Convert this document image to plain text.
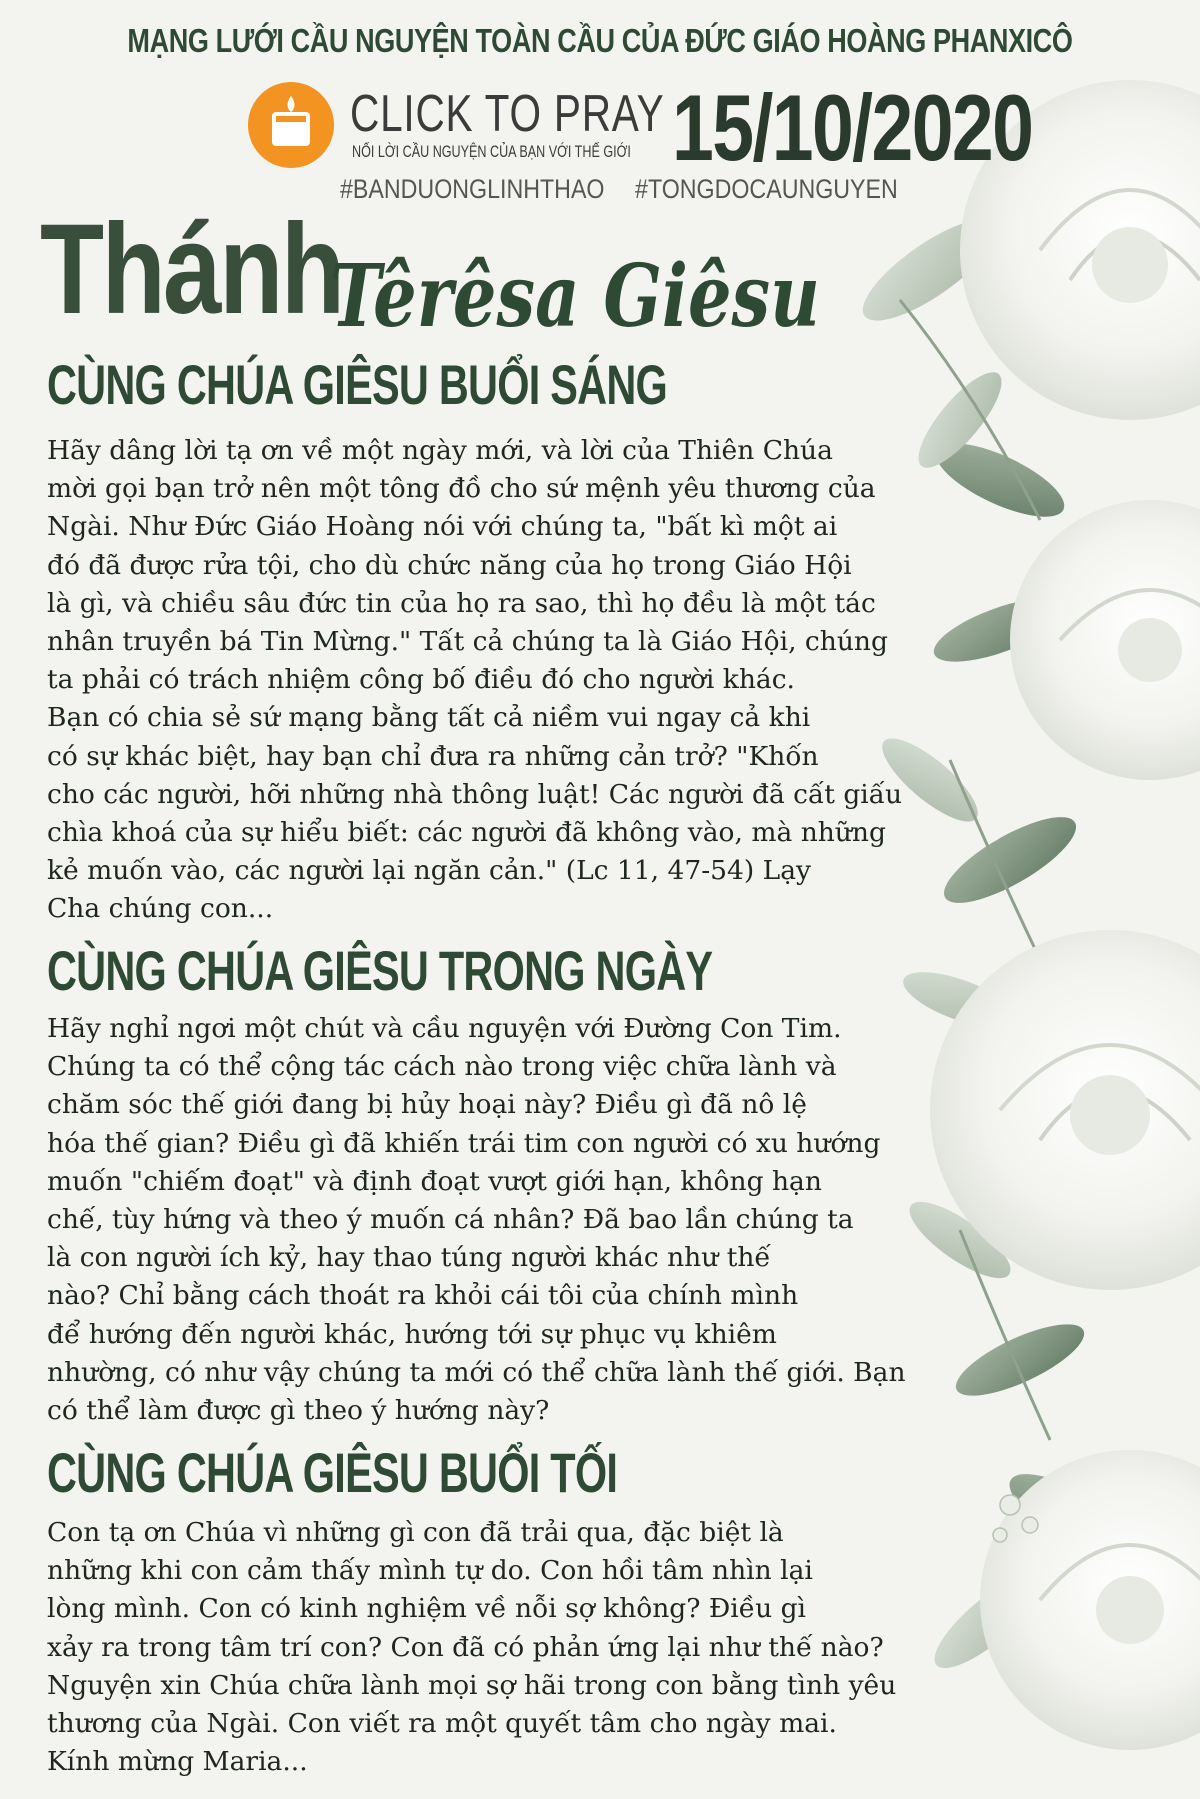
MẠNG LƯỚI CẦU NGUYỆN TOÀN CẦU CỦA ĐỨC GIÁO HOÀNG PHANXICÔ
CLICK TO PRAY
NỐI LỜI CẦU NGUYỆN CỦA BẠN VỚI THẾ GIỚI 15/10/2020
#BANDUONGLINHTHAO #TONGDOCAUNGUYEN
Thánh
Têrêsa Giêsu
CÙNG CHÚA GIÊSU BUỔI SÁNG

Hãy dâng lời tạ ơn về một ngày mới, và lời của Thiên Chúa
mời gọi bạn trở nên một tông đồ cho sứ mệnh yêu thương của
Ngài. Như Đức Giáo Hoàng nói với chúng ta, "bất kì một ai
đó đã được rửa tội, cho dù chức năng của họ trong Giáo Hội
là gì, và chiều sâu đức tin của họ ra sao, thì họ đều là một tác
nhân truyền bá Tin Mừng." Tất cả chúng ta là Giáo Hội, chúng
ta phải có trách nhiệm công bố điều đó cho người khác.
Bạn có chia sẻ sứ mạng bằng tất cả niềm vui ngay cả khi
có sự khác biệt, hay bạn chỉ đưa ra những cản trở? "Khốn
cho các người, hỡi những nhà thông luật! Các người đã cất giấu
chìa khoá của sự hiểu biết: các người đã không vào, mà những
kẻ muốn vào, các người lại ngăn cản." (Lc 11, 47-54) Lạy
Cha chúng con...

CÙNG CHÚA GIÊSU TRONG NGÀY

Hãy nghỉ ngơi một chút và cầu nguyện với Đường Con Tim.
Chúng ta có thể cộng tác cách nào trong việc chữa lành và
chăm sóc thế giới đang bị hủy hoại này? Điều gì đã nô lệ
hóa thế gian? Điều gì đã khiến trái tim con người có xu hướng
muốn "chiếm đoạt" và định đoạt vượt giới hạn, không hạn
chế, tùy hứng và theo ý muốn cá nhân? Đã bao lần chúng ta
là con người ích kỷ, hay thao túng người khác như thế
nào? Chỉ bằng cách thoát ra khỏi cái tôi của chính mình
để hướng đến người khác, hướng tới sự phục vụ khiêm
nhường, có như vậy chúng ta mới có thể chữa lành thế giới. Bạn
có thể làm được gì theo ý hướng này?

CÙNG CHÚA GIÊSU BUỔI TỐI

Con tạ ơn Chúa vì những gì con đã trải qua, đặc biệt là
những khi con cảm thấy mình tự do. Con hồi tâm nhìn lại
lòng mình. Con có kinh nghiệm về nỗi sợ không? Điều gì
xảy ra trong tâm trí con? Con đã có phản ứng lại như thế nào?
Nguyện xin Chúa chữa lành mọi sợ hãi trong con bằng tình yêu
thương của Ngài. Con viết ra một quyết tâm cho ngày mai.
Kính mừng Maria...
